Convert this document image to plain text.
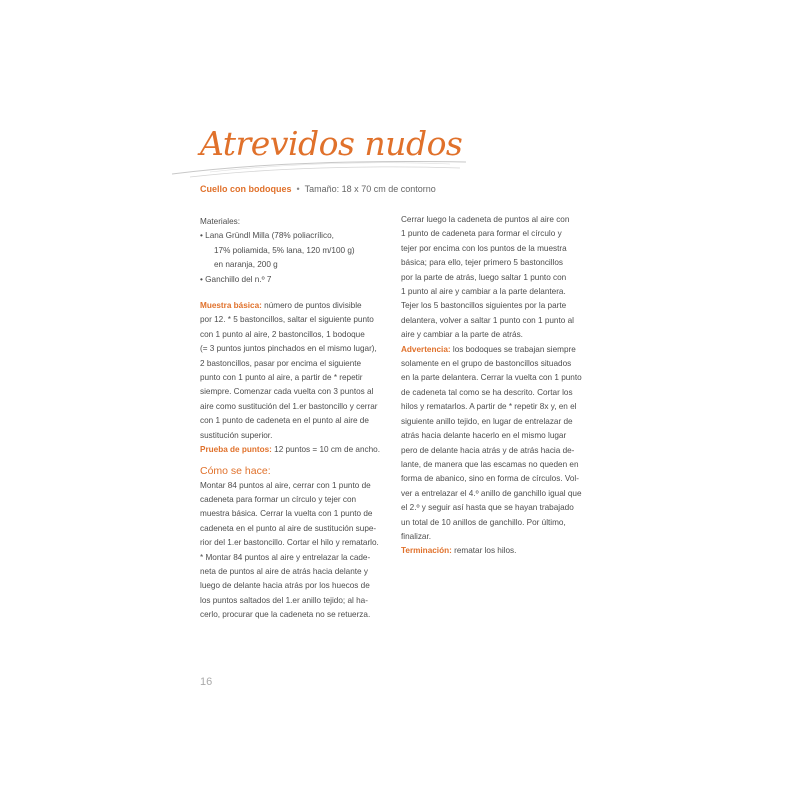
Atrevidos nudos
Cuello con bodoques • Tamaño: 18 x 70 cm de contorno
Materiales:
• Lana Gründl Milla (78% poliacrílico,
17% poliamida, 5% lana, 120 m/100 g)
en naranja, 200 g
• Ganchillo del n.º 7
Muestra básica: número de puntos divisible
por 12. * 5 bastoncillos, saltar el siguiente punto
con 1 punto al aire, 2 bastoncillos, 1 bodoque
(= 3 puntos juntos pinchados en el mismo lugar),
2 bastoncillos, pasar por encima el siguiente
punto con 1 punto al aire, a partir de * repetir
siempre. Comenzar cada vuelta con 3 puntos al
aire como sustitución del 1.er bastoncillo y cerrar
con 1 punto de cadeneta en el punto al aire de
sustitución superior.
Prueba de puntos: 12 puntos = 10 cm de ancho.
Cómo se hace:
Montar 84 puntos al aire, cerrar con 1 punto de
cadeneta para formar un círculo y tejer con
muestra básica. Cerrar la vuelta con 1 punto de
cadeneta en el punto al aire de sustitución supe-
rior del 1.er bastoncillo. Cortar el hilo y rematarlo.
* Montar 84 puntos al aire y entrelazar la cade-
neta de puntos al aire de atrás hacia delante y
luego de delante hacia atrás por los huecos de
los puntos saltados del 1.er anillo tejido; al ha-
cerlo, procurar que la cadeneta no se retuerza.
Cerrar luego la cadeneta de puntos al aire con
1 punto de cadeneta para formar el círculo y
tejer por encima con los puntos de la muestra
básica; para ello, tejer primero 5 bastoncillos
por la parte de atrás, luego saltar 1 punto con
1 punto al aire y cambiar a la parte delantera.
Tejer los 5 bastoncillos siguientes por la parte
delantera, volver a saltar 1 punto con 1 punto al
aire y cambiar a la parte de atrás.
Advertencia: los bodoques se trabajan siempre
solamente en el grupo de bastoncillos situados
en la parte delantera. Cerrar la vuelta con 1 punto
de cadeneta tal como se ha descrito. Cortar los
hilos y rematarlos. A partir de * repetir 8x y, en el
siguiente anillo tejido, en lugar de entrelazar de
atrás hacia delante hacerlo en el mismo lugar
pero de delante hacia atrás y de atrás hacia de-
lante, de manera que las escamas no queden en
forma de abanico, sino en forma de círculos. Vol-
ver a entrelazar el 4.º anillo de ganchillo igual que
el 2.º y seguir así hasta que se hayan trabajado
un total de 10 anillos de ganchillo. Por último,
finalizar.
Terminación: rematar los hilos.
16
